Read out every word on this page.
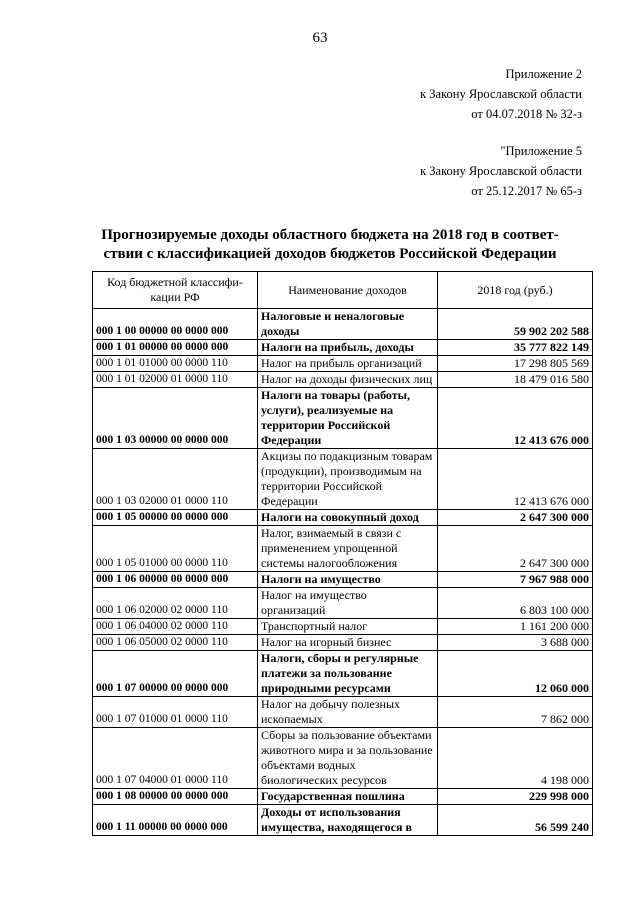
63
Приложение 2
к Закону Ярославской области
от 04.07.2018 № 32-з
"Приложение 5
к Закону Ярославской области
от 25.12.2017 № 65-з
Прогнозируемые доходы областного бюджета на 2018 год в соответ-
ствии с классификацией доходов бюджетов Российской Федерации
Код бюджетной классифи-кации РФ	Наименование доходов	2018 год (руб.)
000 1 00 00000 00 0000 000	Налоговые и неналоговые доходы	59 902 202 588
000 1 01 00000 00 0000 000	Налоги на прибыль, доходы	35 777 822 149
000 1 01 01000 00 0000 110	Налог на прибыль организаций	17 298 805 569
000 1 01 02000 01 0000 110	Налог на доходы физических лиц	18 479 016 580
000 1 03 00000 00 0000 000	Налоги на товары (работы, услуги), реализуемые на территории Российской Федерации	12 413 676 000
000 1 03 02000 01 0000 110	Акцизы по подакцизным товарам (продукции), производимым на территории Российской Федерации	12 413 676 000
000 1 05 00000 00 0000 000	Налоги на совокупный доход	2 647 300 000
000 1 05 01000 00 0000 110	Налог, взимаемый в связи с применением упрощенной системы налогообложения	2 647 300 000
000 1 06 00000 00 0000 000	Налоги на имущество	7 967 988 000
000 1 06 02000 02 0000 110	Налог на имущество организаций	6 803 100 000
000 1 06 04000 02 0000 110	Транспортный налог	1 161 200 000
000 1 06 05000 02 0000 110	Налог на игорный бизнес	3 688 000
000 1 07 00000 00 0000 000	Налоги, сборы и регулярные платежи за пользование природными ресурсами	12 060 000
000 1 07 01000 01 0000 110	Налог на добычу полезных ископаемых	7 862 000
000 1 07 04000 01 0000 110	Сборы за пользование объектами животного мира и за пользование объектами водных биологических ресурсов	4 198 000
000 1 08 00000 00 0000 000	Государственная пошлина	229 998 000
000 1 11 00000 00 0000 000	Доходы от использования имущества, находящегося в	56 599 240
